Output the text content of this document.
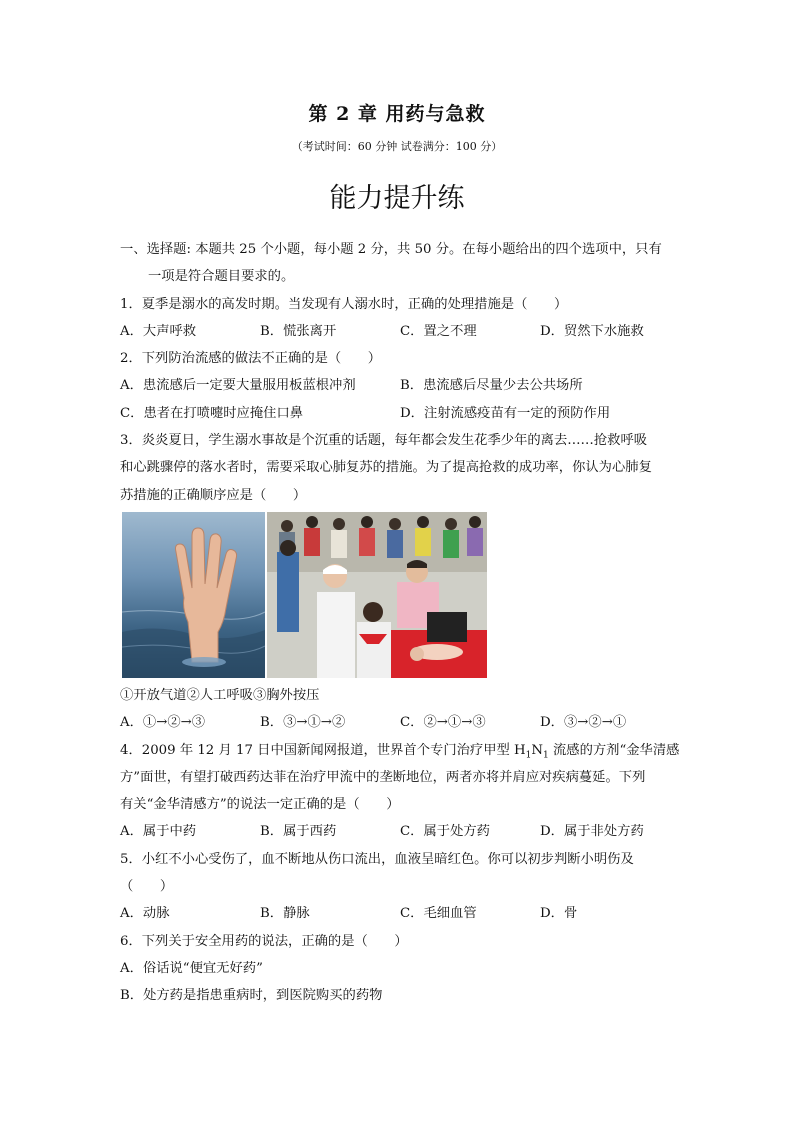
第 2 章 用药与急救
（考试时间：60 分钟 试卷满分：100 分）
能力提升练
一、选择题: 本题共 25 个小题，每小题 2 分，共 50 分。在每小题给出的四个选项中，只有
一项是符合题目要求的。
1．夏季是溺水的高发时期。当发现有人溺水时，正确的处理措施是（　　）
A．大声呼救	B．慌张离开	C．置之不理	D．贸然下水施救
2．下列防治流感的做法不正确的是（　　）
A．患流感后一定要大量服用板蓝根冲剂	B．患流感后尽量少去公共场所
C．患者在打喷嚏时应掩住口鼻	D．注射流感疫苗有一定的预防作用
3．炎炎夏日，学生溺水事故是个沉重的话题，每年都会发生花季少年的离去……抢救呼吸
和心跳骤停的落水者时，需要采取心肺复苏的措施。为了提高抢救的成功率，你认为心肺复
苏措施的正确顺序应是（　　）
①开放气道②人工呼吸③胸外按压
A．①→②→③	B．③→①→②	C．②→①→③	D．③→②→①
4．2009 年 12 月 17 日中国新闻网报道，世界首个专门治疗甲型 $H_1N_1$ 流感的方剂“金华清感
方”面世，有望打破西药达菲在治疗甲流中的垄断地位，两者亦将并肩应对疾病蔓延。下列
有关“金华清感方”的说法一定正确的是（　　）
A．属于中药	B．属于西药	C．属于处方药	D．属于非处方药
5．小红不小心受伤了，血不断地从伤口流出，血液呈暗红色。你可以初步判断小明伤及
（　　）
A．动脉	B．静脉	C．毛细血管	D．骨
6．下列关于安全用药的说法，正确的是（　　）
A．俗话说“便宜无好药”
B．处方药是指患重病时，到医院购买的药物
